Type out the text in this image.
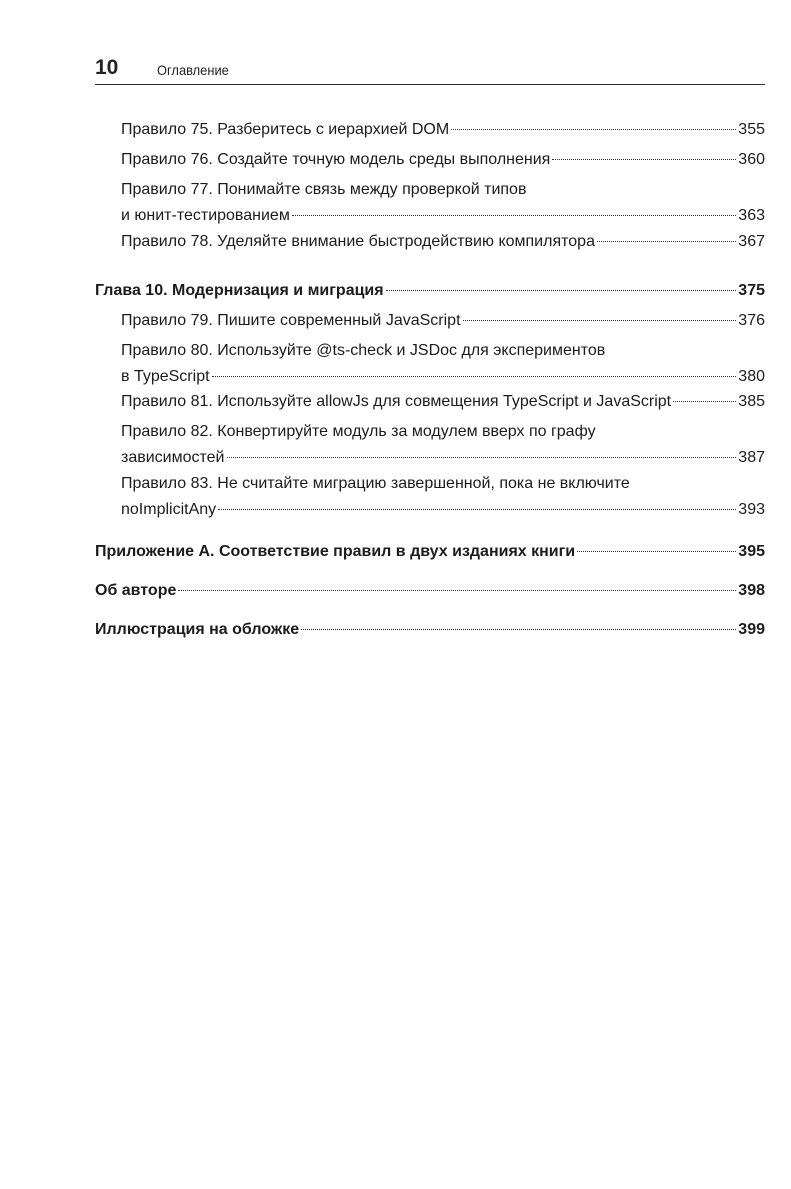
10	Оглавление
Правило 75. Разберитесь с иерархией DOM	355
Правило 76. Создайте точную модель среды выполнения	360
Правило 77. Понимайте связь между проверкой типов
и юнит-тестированием	363
Правило 78. Уделяйте внимание быстродействию компилятора	367
Глава 10. Модернизация и миграция	375
Правило 79. Пишите современный JavaScript	376
Правило 80. Используйте @ts-check и JSDoc для экспериментов
в TypeScript	380
Правило 81. Используйте allowJs для совмещения TypeScript и JavaScript	385
Правило 82. Конвертируйте модуль за модулем вверх по графу
зависимостей	387
Правило 83. Не считайте миграцию завершенной, пока не включите
noImplicitAny	393
Приложение А. Соответствие правил в двух изданиях книги	395
Об авторе	398
Иллюстрация на обложке	399
